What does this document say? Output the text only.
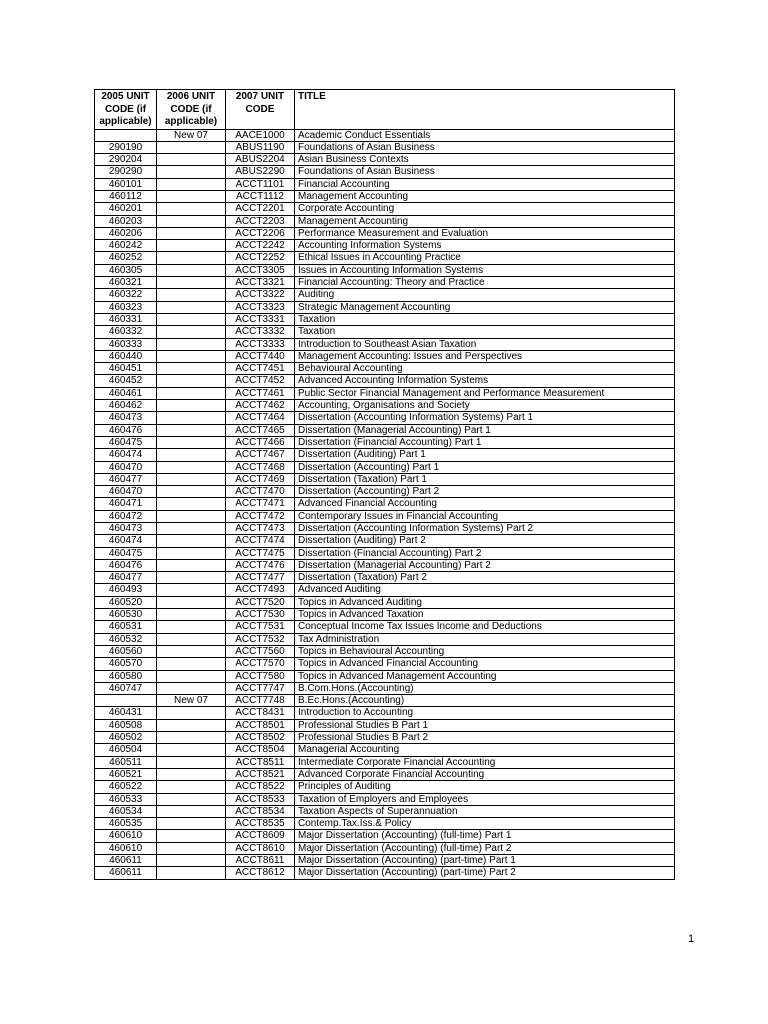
2005 UNIT CODE (if applicable)	2006 UNIT CODE (if applicable)	2007 UNIT CODE	TITLE
	New 07	AACE1000	Academic Conduct Essentials
290190		ABUS1190	Foundations of Asian Business
290204		ABUS2204	Asian Business Contexts
290290		ABUS2290	Foundations of Asian Business
460101		ACCT1101	Financial Accounting
460112		ACCT1112	Management Accounting
460201		ACCT2201	Corporate Accounting
460203		ACCT2203	Management Accounting
460206		ACCT2206	Performance Measurement and Evaluation
460242		ACCT2242	Accounting Information Systems
460252		ACCT2252	Ethical Issues in Accounting Practice
460305		ACCT3305	Issues in Accounting Information Systems
460321		ACCT3321	Financial Accounting: Theory and Practice
460322		ACCT3322	Auditing
460323		ACCT3323	Strategic Management Accounting
460331		ACCT3331	Taxation
460332		ACCT3332	Taxation
460333		ACCT3333	Introduction to Southeast Asian Taxation
460440		ACCT7440	Management Accounting: Issues and Perspectives
460451		ACCT7451	Behavioural Accounting
460452		ACCT7452	Advanced Accounting Information Systems
460461		ACCT7461	Public Sector Financial Management and Performance Measurement
460462		ACCT7462	Accounting, Organisations and Society
460473		ACCT7464	Dissertation (Accounting Information Systems) Part 1
460476		ACCT7465	Dissertation (Managerial Accounting) Part 1
460475		ACCT7466	Dissertation (Financial Accounting) Part 1
460474		ACCT7467	Dissertation (Auditing) Part 1
460470		ACCT7468	Dissertation (Accounting) Part 1
460477		ACCT7469	Dissertation (Taxation) Part 1
460470		ACCT7470	Dissertation (Accounting) Part 2
460471		ACCT7471	Advanced Financial Accounting
460472		ACCT7472	Contemporary Issues in Financial Accounting
460473		ACCT7473	Dissertation (Accounting Information Systems) Part 2
460474		ACCT7474	Dissertation (Auditing) Part 2
460475		ACCT7475	Dissertation (Financial Accounting) Part 2
460476		ACCT7476	Dissertation (Managerial Accounting) Part 2
460477		ACCT7477	Dissertation (Taxation) Part 2
460493		ACCT7493	Advanced Auditing
460520		ACCT7520	Topics in Advanced Auditing
460530		ACCT7530	Topics in Advanced Taxation
460531		ACCT7531	Conceptual Income Tax Issues Income and Deductions
460532		ACCT7532	Tax Administration
460560		ACCT7560	Topics in Behavioural Accounting
460570		ACCT7570	Topics in Advanced Financial Accounting
460580		ACCT7580	Topics in Advanced Management Accounting
460747		ACCT7747	B.Com.Hons.(Accounting)
	New 07	ACCT7748	B.Ec.Hons.(Accounting)
460431		ACCT8431	Introduction to Accounting
460508		ACCT8501	Professional Studies B Part 1
460502		ACCT8502	Professional Studies B Part 2
460504		ACCT8504	Managerial Accounting
460511		ACCT8511	Intermediate Corporate Financial Accounting
460521		ACCT8521	Advanced Corporate Financial Accounting
460522		ACCT8522	Principles of Auditing
460533		ACCT8533	Taxation of Employers and Employees
460534		ACCT8534	Taxation Aspects of Superannuation
460535		ACCT8535	Contemp.Tax.Iss.& Policy
460610		ACCT8609	Major Dissertation (Accounting) (full-time) Part 1
460610		ACCT8610	Major Dissertation (Accounting) (full-time) Part 2
460611		ACCT8611	Major Dissertation (Accounting) (part-time) Part 1
460611		ACCT8612	Major Dissertation (Accounting) (part-time) Part 2
1
